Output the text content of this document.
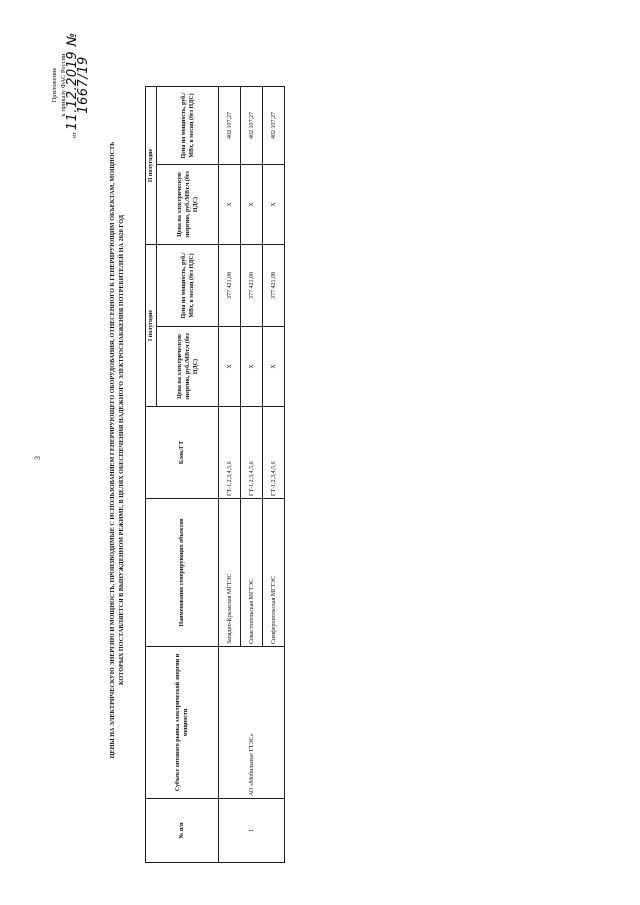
3
Приложение к приказу ФАС России
от 11.12.2019 № 1667/19
ЦЕНЫ НА ЭЛЕКТРИЧЕСКУЮ ЭНЕРГИЮ И МОЩНОСТЬ, ПРОИЗВОДИМЫЕ С ИСПОЛЬЗОВАНИЕМ ГЕНЕРИРУЮЩЕГО ОБОРУДОВАНИЯ, ОТНЕСЕННОГО К ГЕНЕРИРУЮЩИМ ОБЪЕКТАМ, МОЩНОСТЬ КОТОРЫХ ПОСТАВЛЯЕТСЯ В ВЫНУЖДЕННОМ РЕЖИМЕ, В ЦЕЛЯХ ОБЕСПЕЧЕНИЯ НАДЕЖНОГО ЭЛЕКТРОСНАБЖЕНИЯ ПОТРЕБИТЕЛЕЙ НА 2020 ГОД
№ п/п	Субъект оптового рынка электрической энергии и мощности	Наименование генерирующих объектов	Блок/ГТ	I полугодие		II полугодие	
				Цена на электрическую энергию, руб./МВт.ч (без НДС)	Цена на мощность, руб./МВт, в месяц (без НДС)	Цена на электрическую энергию, руб./МВт.ч (без НДС)	Цена на мощность, руб./МВт, в месяц (без НДС)
1	АО «Мобильные ГТЭС»	Западно-Крымская МГТЭС	ГТ-1,2,3,4,5,6	Х	377 421,08	Х	402 107,27
		Севастопольская МГТЭС	ГТ-1,2,3,4,5,6	Х	377 421,08	Х	402 107,27
		Симферопольская МГТЭС	ГТ-1,2,3,4,5,6	Х	377 421,08	Х	402 107,27
